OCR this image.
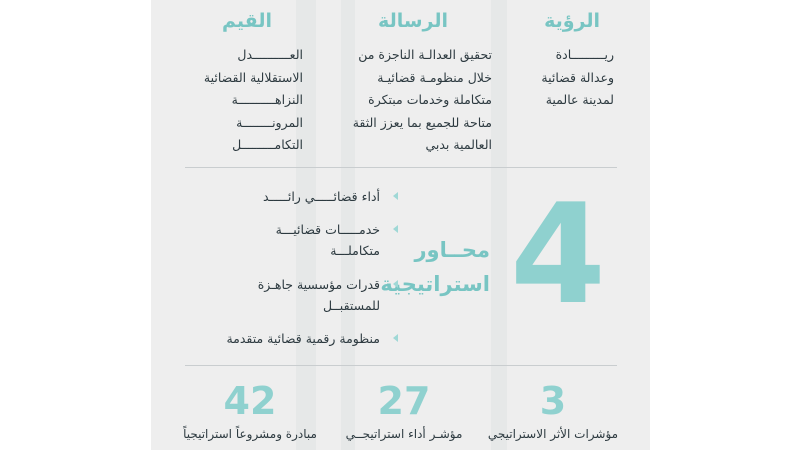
الرؤية
ريـــــــــادة
وعدالة قضائية
لمدينة عالمية
الرسالة
تحقيق العدالـة الناجزة من
خلال منظومـة قضائيـة
متكاملة وخدمات مبتكرة
متاحة للجميع بما يعزز الثقة
العالمية بدبي
القيم
العــــــــــدل
الاستقلالية القضائية
النزاهــــــــــة
المرونــــــــة
التكامـــــــــل
4
محــاور
استراتيجية
أداء قضائـــــي رائـــــد
خدمـــــات قضائيـــة
متكاملـــة
قدرات مؤسسية جاهـزة
للمستقبــل
منظومة رقمية قضائية متقدمة
3
مؤشرات الأثر الاستراتيجي
27
مؤشـر أداء استراتيجــي
42
مبادرة ومشروعاً استراتيجياً
